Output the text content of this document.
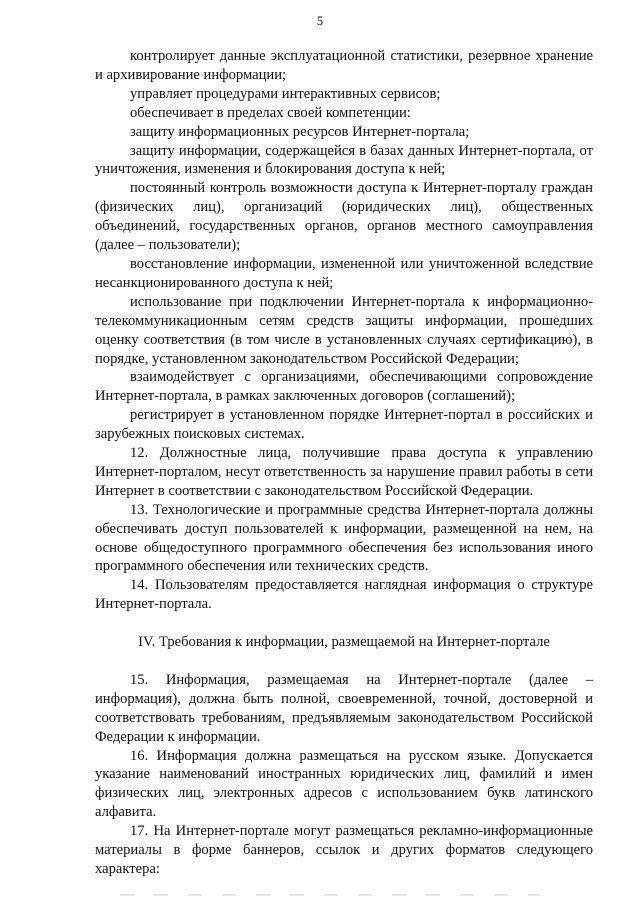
5

контролирует данные эксплуатационной статистики, резервное хранение и архивирование информации;

управляет процедурами интерактивных сервисов;

обеспечивает в пределах своей компетенции:

защиту информационных ресурсов Интернет-портала;

защиту информации, содержащейся в базах данных Интернет-портала, от уничтожения, изменения и блокирования доступа к ней;

постоянный контроль возможности доступа к Интернет-порталу граждан (физических лиц), организаций (юридических лиц), общественных объединений, государственных органов, органов местного самоуправления (далее – пользователи);

восстановление информации, измененной или уничтоженной вследствие несанкционированного доступа к ней;

использование при подключении Интернет-портала к информационно-телекоммуникационным сетям средств защиты информации, прошедших оценку соответствия (в том числе в установленных случаях сертификацию), в порядке, установленном законодательством Российской Федерации;

взаимодействует с организациями, обеспечивающими сопровождение Интернет-портала, в рамках заключенных договоров (соглашений);

регистрирует в установленном порядке Интернет-портал в российских и зарубежных поисковых системах.

12. Должностные лица, получившие права доступа к управлению Интернет-порталом, несут ответственность за нарушение правил работы в сети Интернет в соответствии с законодательством Российской Федерации.

13. Технологические и программные средства Интернет-портала должны обеспечивать доступ пользователей к информации, размещенной на нем, на основе общедоступного программного обеспечения без использования иного программного обеспечения или технических средств.

14. Пользователям предоставляется наглядная информация о структуре Интернет-портала.

IV. Требования к информации, размещаемой на Интернет-портале

15. Информация, размещаемая на Интернет-портале (далее – информация), должна быть полной, своевременной, точной, достоверной и соответствовать требованиям, предъявляемым законодательством Российской Федерации к информации.

16. Информация должна размещаться на русском языке. Допускается указание наименований иностранных юридических лиц, фамилий и имен физических лиц, электронных адресов с использованием букв латинского алфавита.

17. На Интернет-портале могут размещаться рекламно-информационные материалы в форме баннеров, ссылок и других форматов следующего характера:
